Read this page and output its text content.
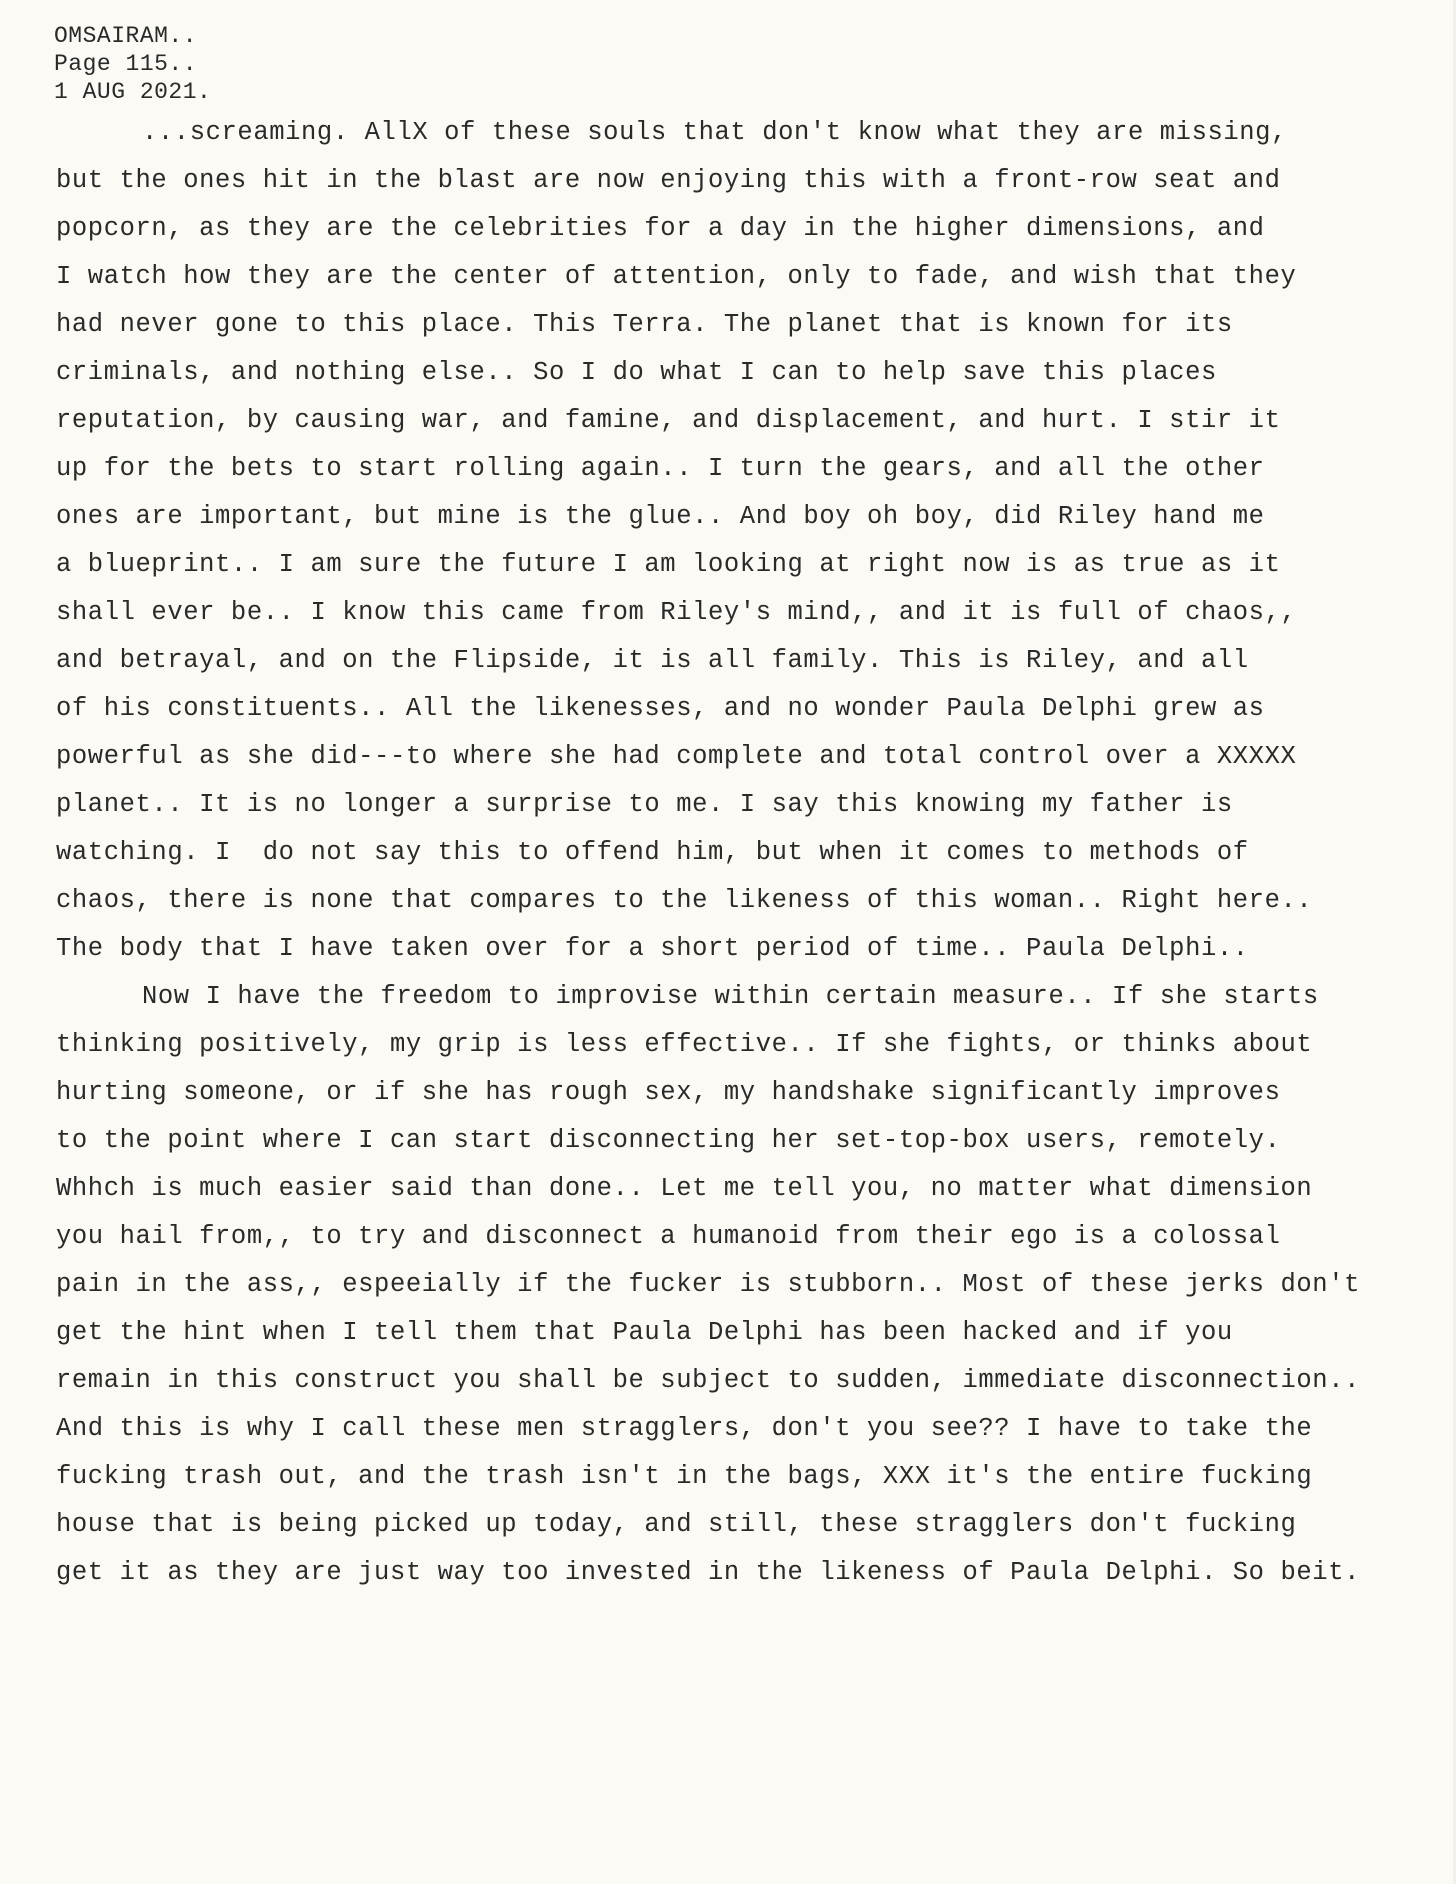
OMSAIRAM..
Page 115..
1 AUG 2021.
...screaming. AllX of these souls that don't know what they are missing,
but the ones hit in the blast are now enjoying this with a front-row seat and
popcorn, as they are the celebrities for a day in the higher dimensions, and
I watch how they are the center of attention, only to fade, and wish that they
had never gone to this place. This Terra. The planet that is known for its
criminals, and nothing else.. So I do what I can to help save this places
reputation, by causing war, and famine, and displacement, and hurt. I stir it
up for the bets to start rolling again.. I turn the gears, and all the other
ones are important, but mine is the glue.. And boy oh boy, did Riley hand me
a blueprint.. I am sure the future I am looking at right now is as true as it
shall ever be.. I know this came from Riley's mind,, and it is full of chaos,,
and betrayal, and on the Flipside, it is all family. This is Riley, and all
of his constituents.. All the likenesses, and no wonder Paula Delphi grew as
powerful as she did---to where she had complete and total control over a XXXXX
planet.. It is no longer a surprise to me. I say this knowing my father is
watching. I  do not say this to offend him, but when it comes to methods of
chaos, there is none that compares to the likeness of this woman.. Right here..
The body that I have taken over for a short period of time.. Paula Delphi..
Now I have the freedom to improvise within certain measure.. If she starts
thinking positively, my grip is less effective.. If she fights, or thinks about
hurting someone, or if she has rough sex, my handshake significantly improves
to the point where I can start disconnecting her set-top-box users, remotely.
Whhch is much easier said than done.. Let me tell you, no matter what dimension
you hail from,, to try and disconnect a humanoid from their ego is a colossal
pain in the ass,, espeeially if the fucker is stubborn.. Most of these jerks don't
get the hint when I tell them that Paula Delphi has been hacked and if you
remain in this construct you shall be subject to sudden, immediate disconnection..
And this is why I call these men stragglers, don't you see?? I have to take the
fucking trash out, and the trash isn't in the bags, XXX it's the entire fucking
house that is being picked up today, and still, these stragglers don't fucking
get it as they are just way too invested in the likeness of Paula Delphi. So beit.
